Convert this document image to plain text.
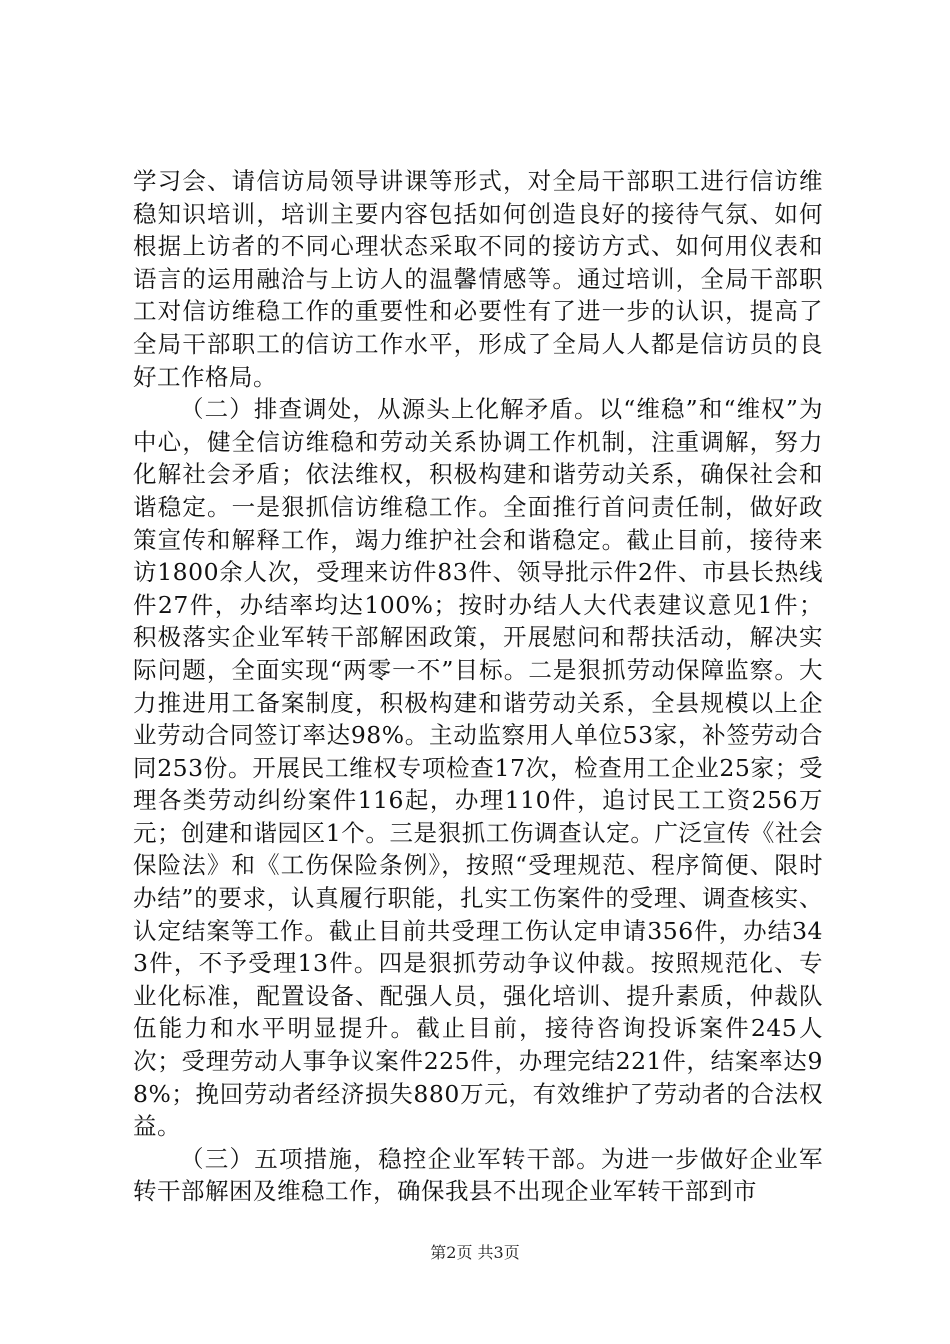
学习会、请信访局领导讲课等形式，对全局干部职工进行信访维稳知识培训，培训主要内容包括如何创造良好的接待气氛、如何根据上访者的不同心理状态采取不同的接访方式、如何用仪表和语言的运用融洽与上访人的温馨情感等。通过培训，全局干部职工对信访维稳工作的重要性和必要性有了进一步的认识，提高了全局干部职工的信访工作水平，形成了全局人人都是信访员的良好工作格局。

（二）排查调处，从源头上化解矛盾。以“维稳”和“维权”为中心，健全信访维稳和劳动关系协调工作机制，注重调解，努力化解社会矛盾；依法维权，积极构建和谐劳动关系，确保社会和谐稳定。一是狠抓信访维稳工作。全面推行首问责任制，做好政策宣传和解释工作，竭力维护社会和谐稳定。截止目前，接待来访1800余人次，受理来访件83件、领导批示件2件、市县长热线件27件，办结率均达100%；按时办结人大代表建议意见1件；积极落实企业军转干部解困政策，开展慰问和帮扶活动，解决实际问题，全面实现“两零一不”目标。二是狠抓劳动保障监察。大力推进用工备案制度，积极构建和谐劳动关系，全县规模以上企业劳动合同签订率达98%。主动监察用人单位53家，补签劳动合同253份。开展民工维权专项检查17次，检查用工企业25家；受理各类劳动纠纷案件116起，办理110件，追讨民工工资256万元；创建和谐园区1个。三是狠抓工伤调查认定。广泛宣传《社会保险法》和《工伤保险条例》，按照“受理规范、程序简便、限时办结”的要求，认真履行职能，扎实工伤案件的受理、调查核实、认定结案等工作。截止目前共受理工伤认定申请356件，办结343件，不予受理13件。四是狠抓劳动争议仲裁。按照规范化、专业化标准，配置设备、配强人员，强化培训、提升素质，仲裁队伍能力和水平明显提升。截止目前，接待咨询投诉案件245人次；受理劳动人事争议案件225件，办理完结221件，结案率达98%；挽回劳动者经济损失880万元，有效维护了劳动者的合法权益。

（三）五项措施，稳控企业军转干部。为进一步做好企业军转干部解困及维稳工作，确保我县不出现企业军转干部到市

第2页 共3页
